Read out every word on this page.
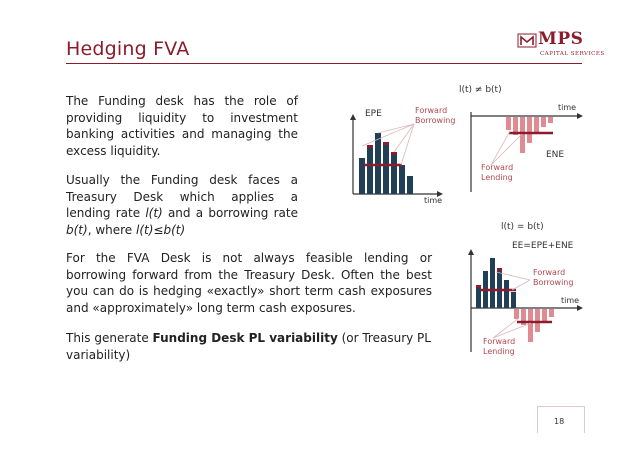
Hedging FVA	MPS
CAPITAL SERVICES
The Funding desk has the role of
providing liquidity to investment
banking activities and managing the
excess liquidity.
Usually the Funding desk faces a
Treasury Desk which applies a
lending rate l(t) and a borrowing rate
b(t), where l(t)≤b(t)
For the FVA Desk is not always feasible lending or
borrowing forward from the Treasury Desk. Often the best
you can do is hedging «exactly» short term cash exposures
and «approximately» long term cash exposures.
This generate Funding Desk PL variability (or Treasury PL
variability)
l(t) ≠ b(t)
EPE	Forward
Borrowing
time
time
ENE
Forward
Lending
l(t) = b(t)
EE=EPE+ENE
Forward
Borrowing
time
Forward
Lending
18
